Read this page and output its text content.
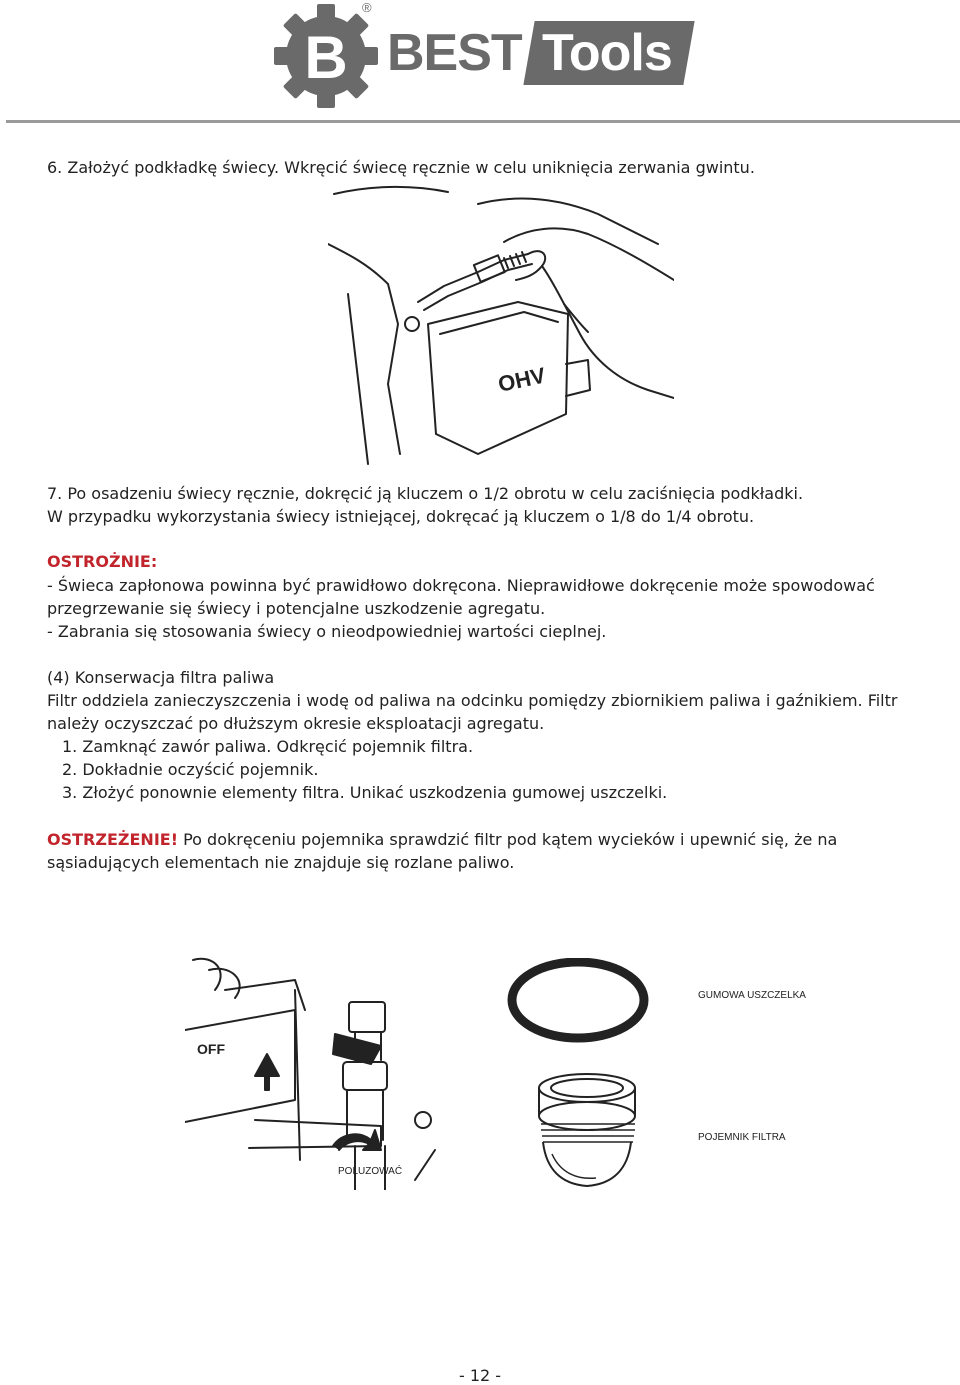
B
®
BEST Tools
6. Założyć podkładkę świecy. Wkręcić świecę ręcznie w celu uniknięcia zerwania gwintu.
OHV
7. Po osadzeniu świecy ręcznie, dokręcić ją kluczem o 1/2 obrotu w celu zaciśnięcia podkładki.
W przypadku wykorzystania świecy istniejącej, dokręcać ją kluczem o 1/8 do 1/4 obrotu.
OSTROŻNIE:
- Świeca zapłonowa powinna być prawidłowo dokręcona. Nieprawidłowe dokręcenie może spowodować
przegrzewanie się świecy i potencjalne uszkodzenie agregatu.
- Zabrania się stosowania świecy o nieodpowiedniej wartości cieplnej.
(4) Konserwacja filtra paliwa
Filtr oddziela zanieczyszczenia i wodę od paliwa na odcinku pomiędzy zbiornikiem paliwa i gaźnikiem. Filtr
należy oczyszczać po dłuższym okresie eksploatacji agregatu.
1. Zamknąć zawór paliwa. Odkręcić pojemnik filtra.
2. Dokładnie oczyścić pojemnik.
3. Złożyć ponownie elementy filtra. Unikać uszkodzenia gumowej uszczelki.
OSTRZEŻENIE! Po dokręceniu pojemnika sprawdzić filtr pod kątem wycieków i upewnić się, że na
sąsiadujących elementach nie znajduje się rozlane paliwo.
OFF
POLUZOWAĆ
GUMOWA USZCZELKA
POJEMNIK FILTRA
- 12 -
